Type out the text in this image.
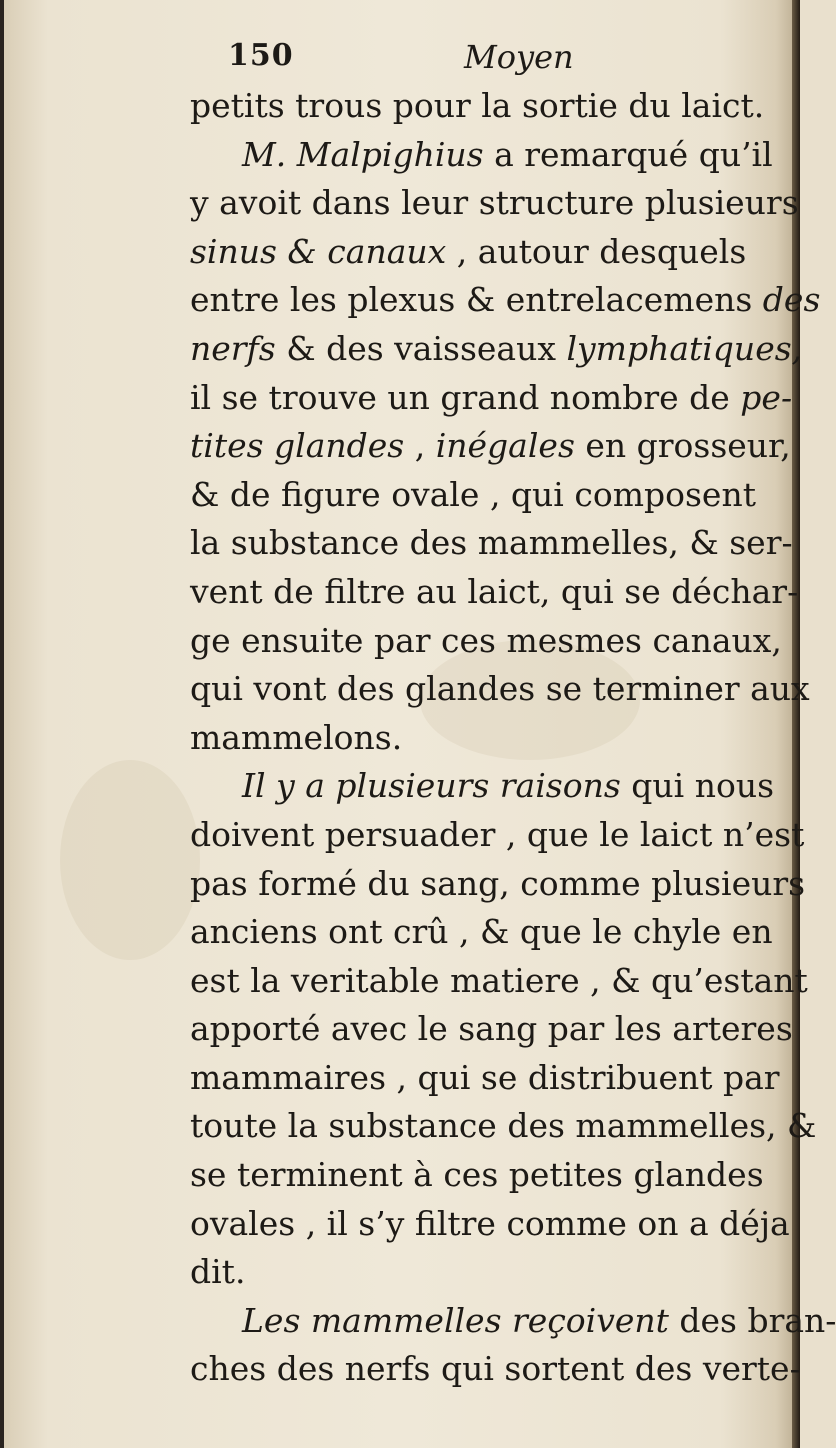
150	Moyen
petits trous pour la sortie du laict.
M. Malpighius a remarqué qu’il
y avoit dans leur structure plusieurs
sinus & canaux , autour desquels
entre les plexus & entrelacemens des
nerfs & des vaisseaux lymphatiques,
il se trouve un grand nombre de pe-
tites glandes , inégales en grosseur,
& de figure ovale , qui composent
la substance des mammelles, & ser-
vent de filtre au laict, qui se déchar-
ge ensuite par ces mesmes canaux,
qui vont des glandes se terminer aux
mammelons.
Il y a plusieurs raisons qui nous
doivent persuader , que le laict n’est
pas formé du sang, comme plusieurs
anciens ont crû , & que le chyle en
est la veritable matiere , & qu’estant
apporté avec le sang par les arteres
mammaires , qui se distribuent par
toute la substance des mammelles, &
se terminent à ces petites glandes
ovales , il s’y filtre comme on a déja
dit.
Les mammelles reçoivent des bran-
ches des nerfs qui sortent des verte-
